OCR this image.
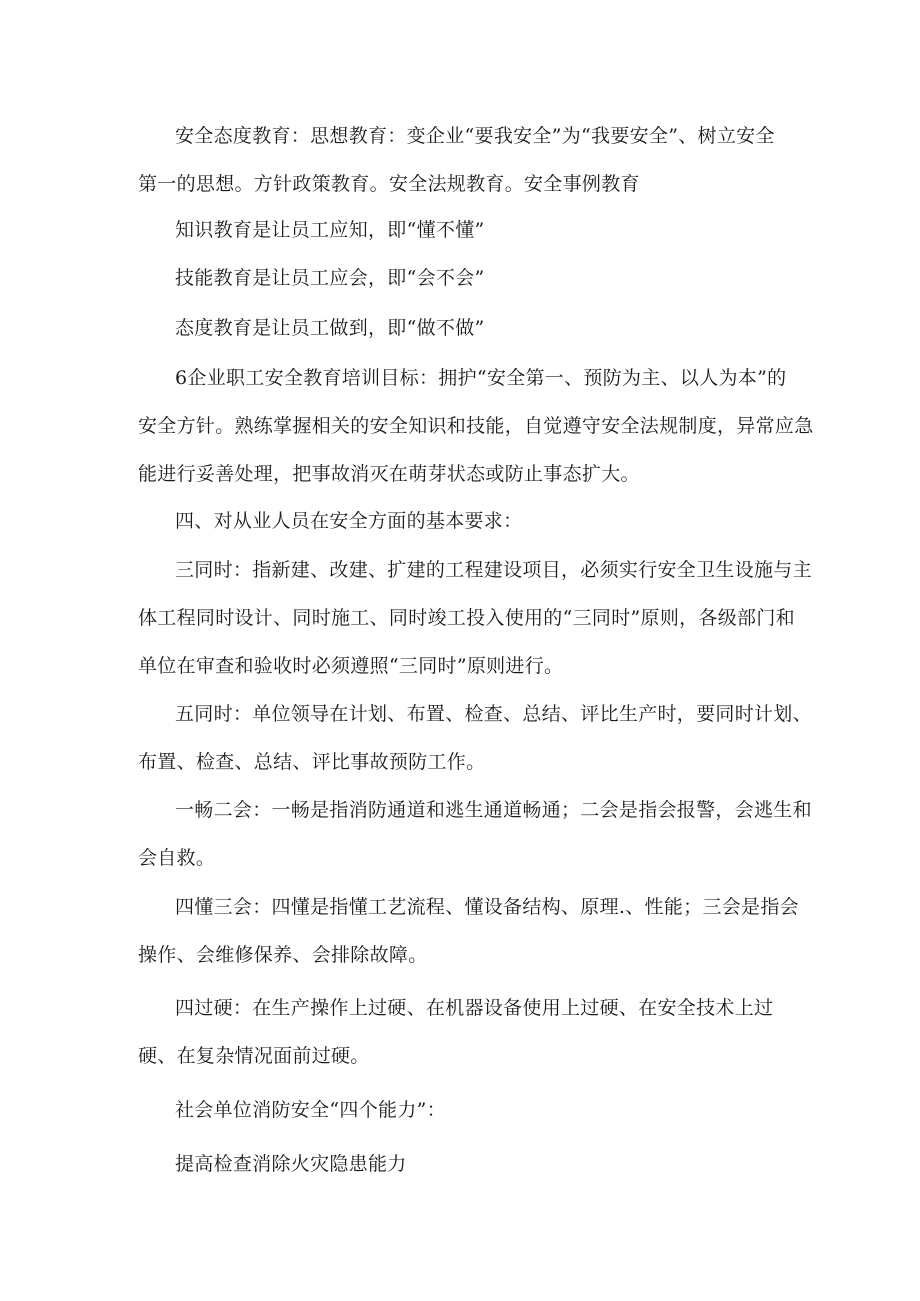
安全态度教育：思想教育：变企业“要我安全”为“我要安全”、树立安全
第一的思想。方针政策教育。安全法规教育。安全事例教育

知识教育是让员工应知，即“懂不懂”

技能教育是让员工应会，即“会不会”

态度教育是让员工做到，即“做不做”

6企业职工安全教育培训目标：拥护“安全第一、预防为主、以人为本”的
安全方针。熟练掌握相关的安全知识和技能，自觉遵守安全法规制度，异常应急
能进行妥善处理，把事故消灭在萌芽状态或防止事态扩大。

四、对从业人员在安全方面的基本要求：

三同时：指新建、改建、扩建的工程建设项目，必须实行安全卫生设施与主
体工程同时设计、同时施工、同时竣工投入使用的“三同时”原则，各级部门和
单位在审查和验收时必须遵照“三同时”原则进行。

五同时：单位领导在计划、布置、检查、总结、评比生产时，要同时计划、
布置、检查、总结、评比事故预防工作。

一畅二会：一畅是指消防通道和逃生通道畅通；二会是指会报警，会逃生和
会自救。

四懂三会：四懂是指懂工艺流程、懂设备结构、原理.、性能；三会是指会
操作、会维修保养、会排除故障。

四过硬：在生产操作上过硬、在机器设备使用上过硬、在安全技术上过
硬、在复杂情况面前过硬。

社会单位消防安全“四个能力”：

提高检查消除火灾隐患能力
